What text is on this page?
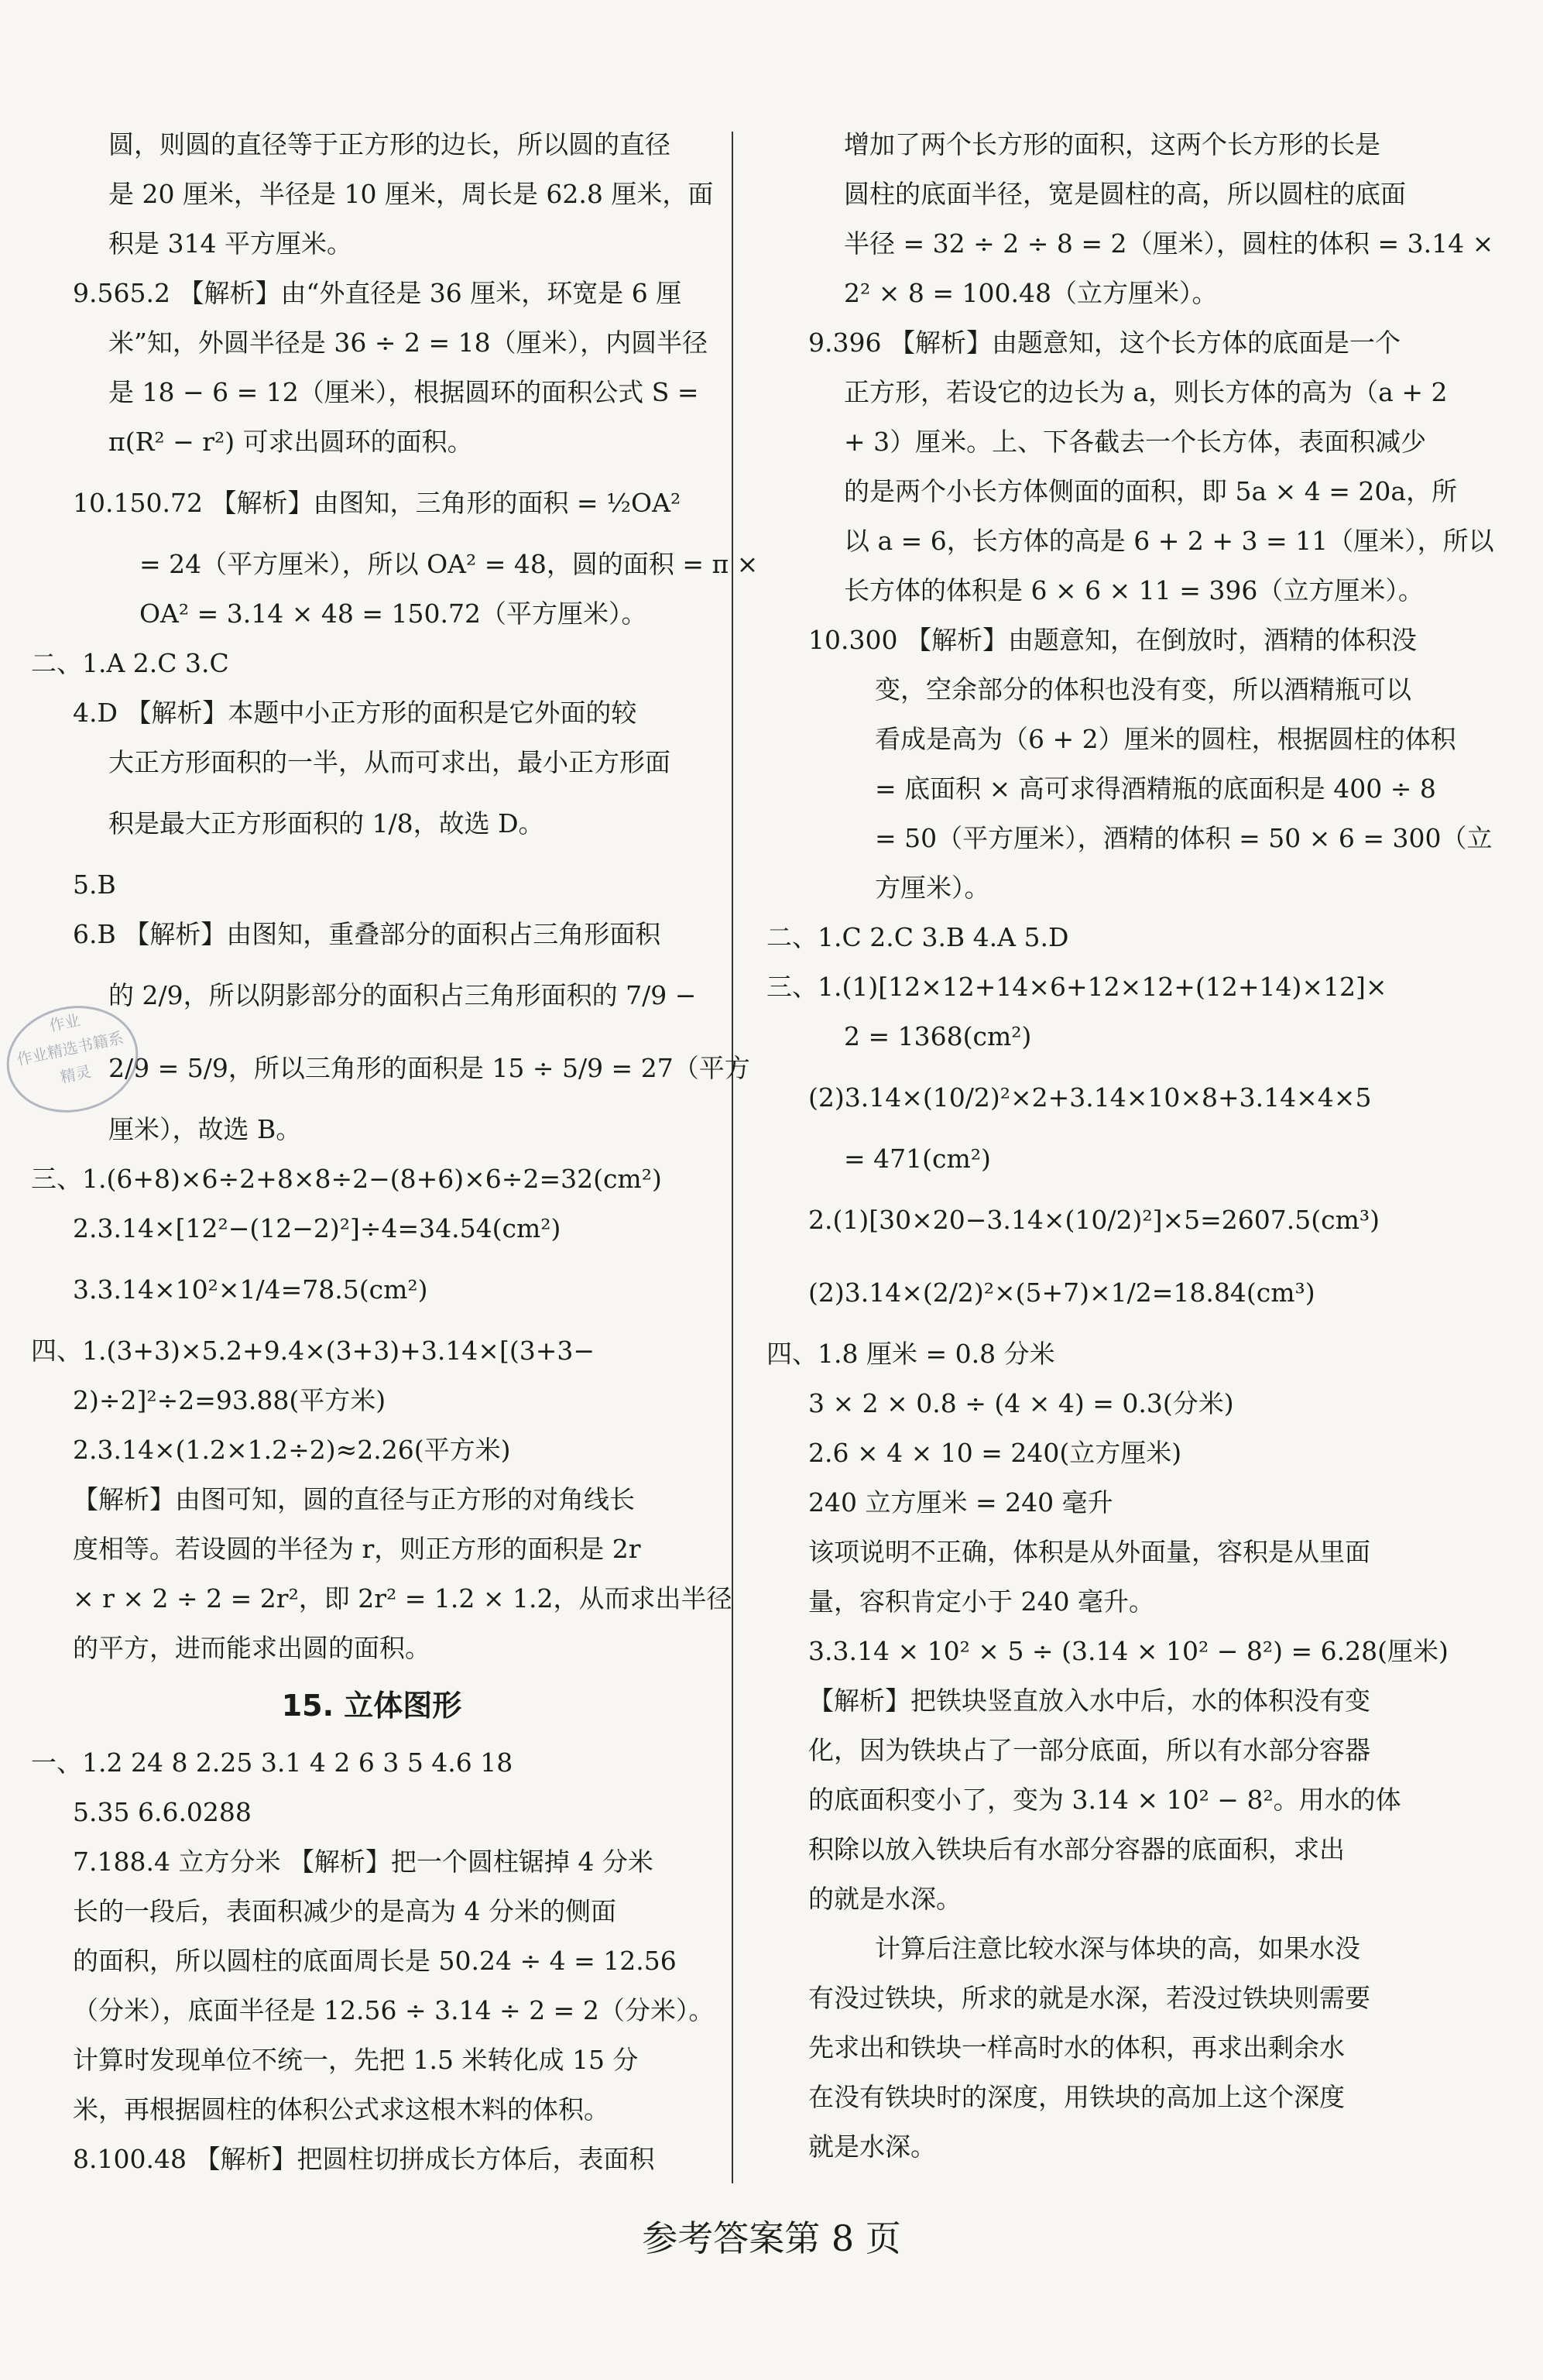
圆，则圆的直径等于正方形的边长，所以圆的直径
是 20 厘米，半径是 10 厘米，周长是 62.8 厘米，面
积是 314 平方厘米。
9.565.2 【解析】由“外直径是 36 厘米，环宽是 6 厘
米”知，外圆半径是 36 ÷ 2 = 18（厘米），内圆半径
是 18 − 6 = 12（厘米），根据圆环的面积公式 S =
π(R² − r²) 可求出圆环的面积。
10.150.72 【解析】由图知，三角形的面积 = ½OA²
= 24（平方厘米），所以 OA² = 48，圆的面积 = π ×
OA² = 3.14 × 48 = 150.72（平方厘米）。
二、1.A 2.C 3.C
4.D 【解析】本题中小正方形的面积是它外面的较
大正方形面积的一半，从而可求出，最小正方形面
积是最大正方形面积的 1/8，故选 D。
5.B
6.B 【解析】由图知，重叠部分的面积占三角形面积
的 2/9，所以阴影部分的面积占三角形面积的 7/9 −
2/9 = 5/9，所以三角形的面积是 15 ÷ 5/9 = 27（平方
厘米），故选 B。
三、1.(6+8)×6÷2+8×8÷2−(8+6)×6÷2=32(cm²)
2.3.14×[12²−(12−2)²]÷4=34.54(cm²)
3.3.14×10²×1/4=78.5(cm²)
四、1.(3+3)×5.2+9.4×(3+3)+3.14×[(3+3−
2)÷2]²÷2=93.88(平方米)
2.3.14×(1.2×1.2÷2)≈2.26(平方米)
【解析】由图可知，圆的直径与正方形的对角线长
度相等。若设圆的半径为 r，则正方形的面积是 2r
× r × 2 ÷ 2 = 2r²，即 2r² = 1.2 × 1.2，从而求出半径
的平方，进而能求出圆的面积。
15. 立体图形
一、1.2 24 8 2.25 3.1 4 2 6 3 5 4.6 18
5.35 6.6.0288
7.188.4 立方分米 【解析】把一个圆柱锯掉 4 分米
长的一段后，表面积减少的是高为 4 分米的侧面
的面积，所以圆柱的底面周长是 50.24 ÷ 4 = 12.56
（分米），底面半径是 12.56 ÷ 3.14 ÷ 2 = 2（分米）。
计算时发现单位不统一，先把 1.5 米转化成 15 分
米，再根据圆柱的体积公式求这根木料的体积。
8.100.48 【解析】把圆柱切拼成长方体后，表面积
增加了两个长方形的面积，这两个长方形的长是
圆柱的底面半径，宽是圆柱的高，所以圆柱的底面
半径 = 32 ÷ 2 ÷ 8 = 2（厘米），圆柱的体积 = 3.14 ×
2² × 8 = 100.48（立方厘米）。
9.396 【解析】由题意知，这个长方体的底面是一个
正方形，若设它的边长为 a，则长方体的高为（a + 2
+ 3）厘米。上、下各截去一个长方体，表面积减少
的是两个小长方体侧面的面积，即 5a × 4 = 20a，所
以 a = 6，长方体的高是 6 + 2 + 3 = 11（厘米），所以
长方体的体积是 6 × 6 × 11 = 396（立方厘米）。
10.300 【解析】由题意知，在倒放时，酒精的体积没
变，空余部分的体积也没有变，所以酒精瓶可以
看成是高为（6 + 2）厘米的圆柱，根据圆柱的体积
= 底面积 × 高可求得酒精瓶的底面积是 400 ÷ 8
= 50（平方厘米），酒精的体积 = 50 × 6 = 300（立
方厘米）。
二、1.C 2.C 3.B 4.A 5.D
三、1.(1)[12×12+14×6+12×12+(12+14)×12]×
2 = 1368(cm²)
(2)3.14×(10/2)²×2+3.14×10×8+3.14×4×5
= 471(cm²)
2.(1)[30×20−3.14×(10/2)²]×5=2607.5(cm³)
(2)3.14×(2/2)²×(5+7)×1/2=18.84(cm³)
四、1.8 厘米 = 0.8 分米
3 × 2 × 0.8 ÷ (4 × 4) = 0.3(分米)
2.6 × 4 × 10 = 240(立方厘米)
240 立方厘米 = 240 毫升
该项说明不正确，体积是从外面量，容积是从里面
量，容积肯定小于 240 毫升。
3.3.14 × 10² × 5 ÷ (3.14 × 10² − 8²) = 6.28(厘米)
【解析】把铁块竖直放入水中后，水的体积没有变
化，因为铁块占了一部分底面，所以有水部分容器
的底面积变小了，变为 3.14 × 10² − 8²。用水的体
积除以放入铁块后有水部分容器的底面积，求出
的就是水深。
计算后注意比较水深与体块的高，如果水没
有没过铁块，所求的就是水深，若没过铁块则需要
先求出和铁块一样高时水的体积，再求出剩余水
在没有铁块时的深度，用铁块的高加上这个深度
就是水深。
作业
作业精选书籍系
精灵
参考答案第 8 页
